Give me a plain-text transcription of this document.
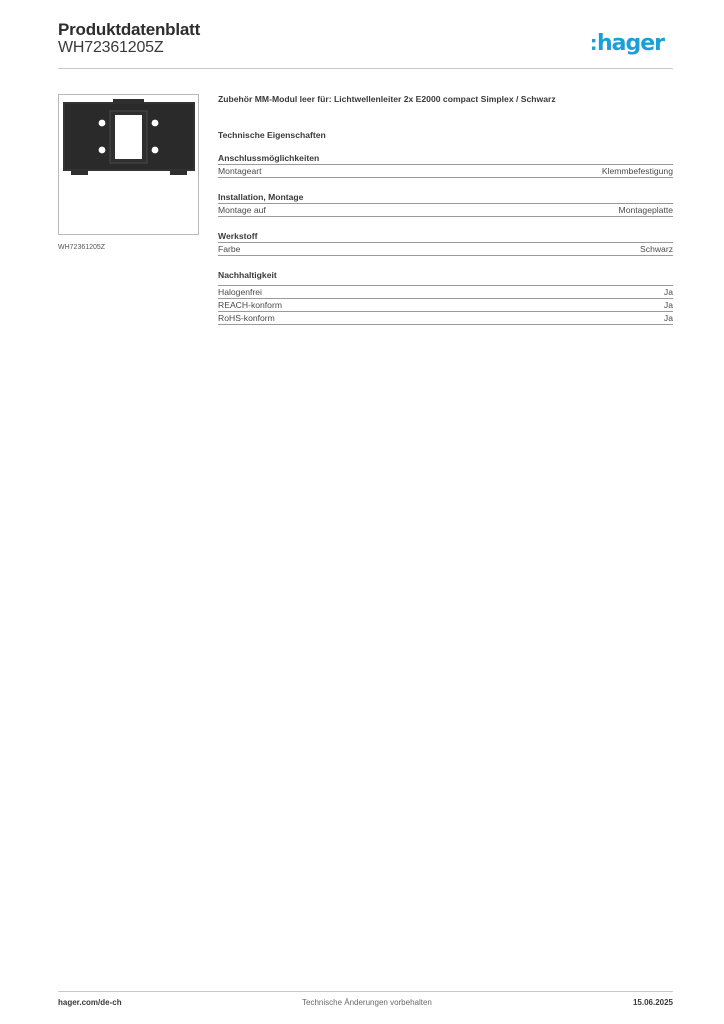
Produktdatenblatt
WH72361205Z	hager
WH72361205Z
Zubehör MM-Modul leer für: Lichtwellenleiter 2x E2000 compact Simplex / Schwarz
Technische Eigenschaften
Anschlussmöglichkeiten
Montageart	Klemmbefestigung
Installation, Montage
Montage auf	Montageplatte
Werkstoff
Farbe	Schwarz
Nachhaltigkeit
Halogenfrei	Ja
REACH-konform	Ja
RoHS-konform	Ja
hager.com/de-ch	Technische Änderungen vorbehalten	15.06.2025
